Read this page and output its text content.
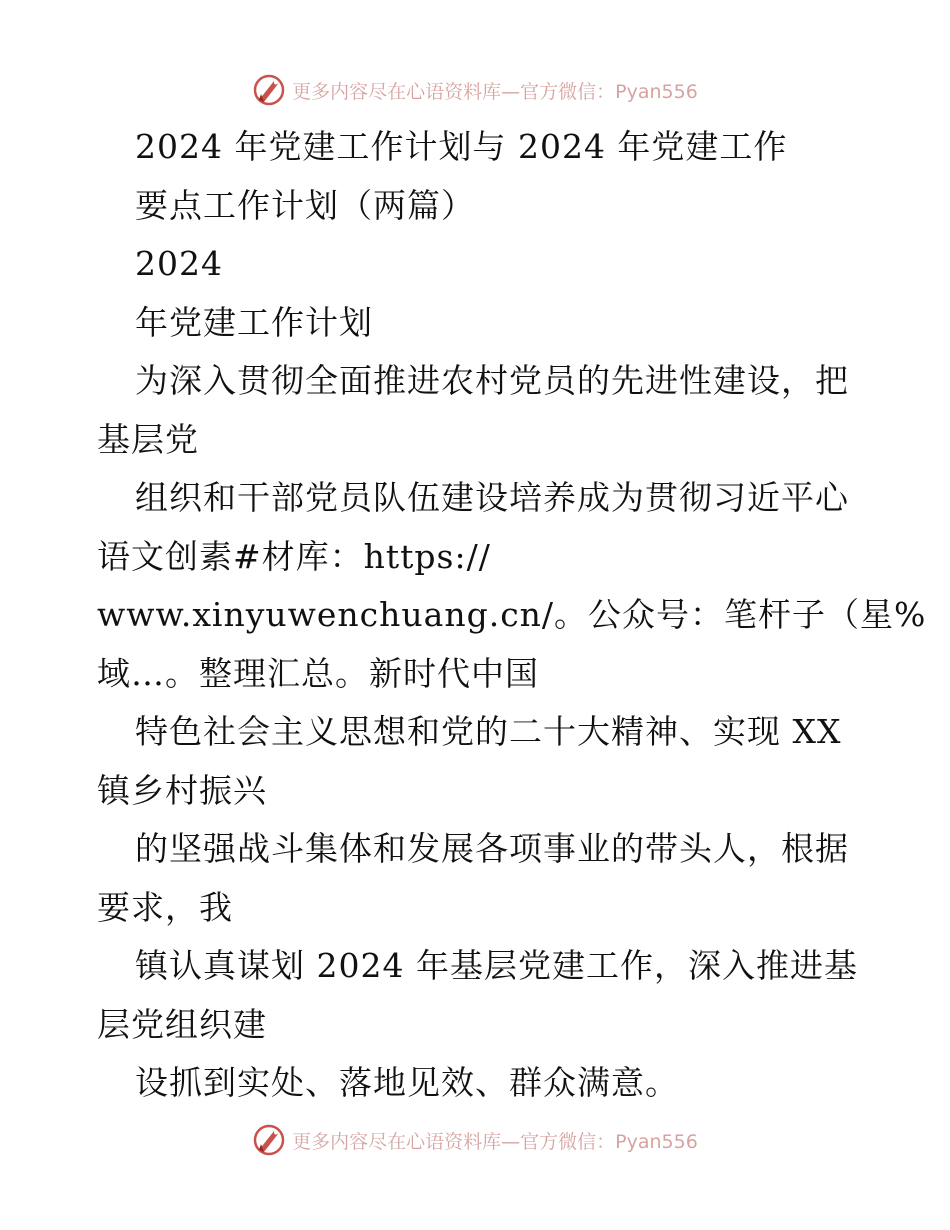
更多内容尽在心语资料库—官方微信：Pyan556
2024 年党建工作计划与 2024 年党建工作
要点工作计划（两篇）
2024
年党建工作计划
为深入贯彻全面推进农村党员的先进性建设，把
基层党
组织和干部党员队伍建设培养成为贯彻习近平心
语文创素#材库：https://
www.xinyuwenchuang.cn/。公众号：笔杆子（星%
域…。整理汇总。新时代中国
特色社会主义思想和党的二十大精神、实现 XX
镇乡村振兴
的坚强战斗集体和发展各项事业的带头人，根据
要求，我
镇认真谋划 2024 年基层党建工作，深入推进基
层党组织建
设抓到实处、落地见效、群众满意。
更多内容尽在心语资料库—官方微信：Pyan556
